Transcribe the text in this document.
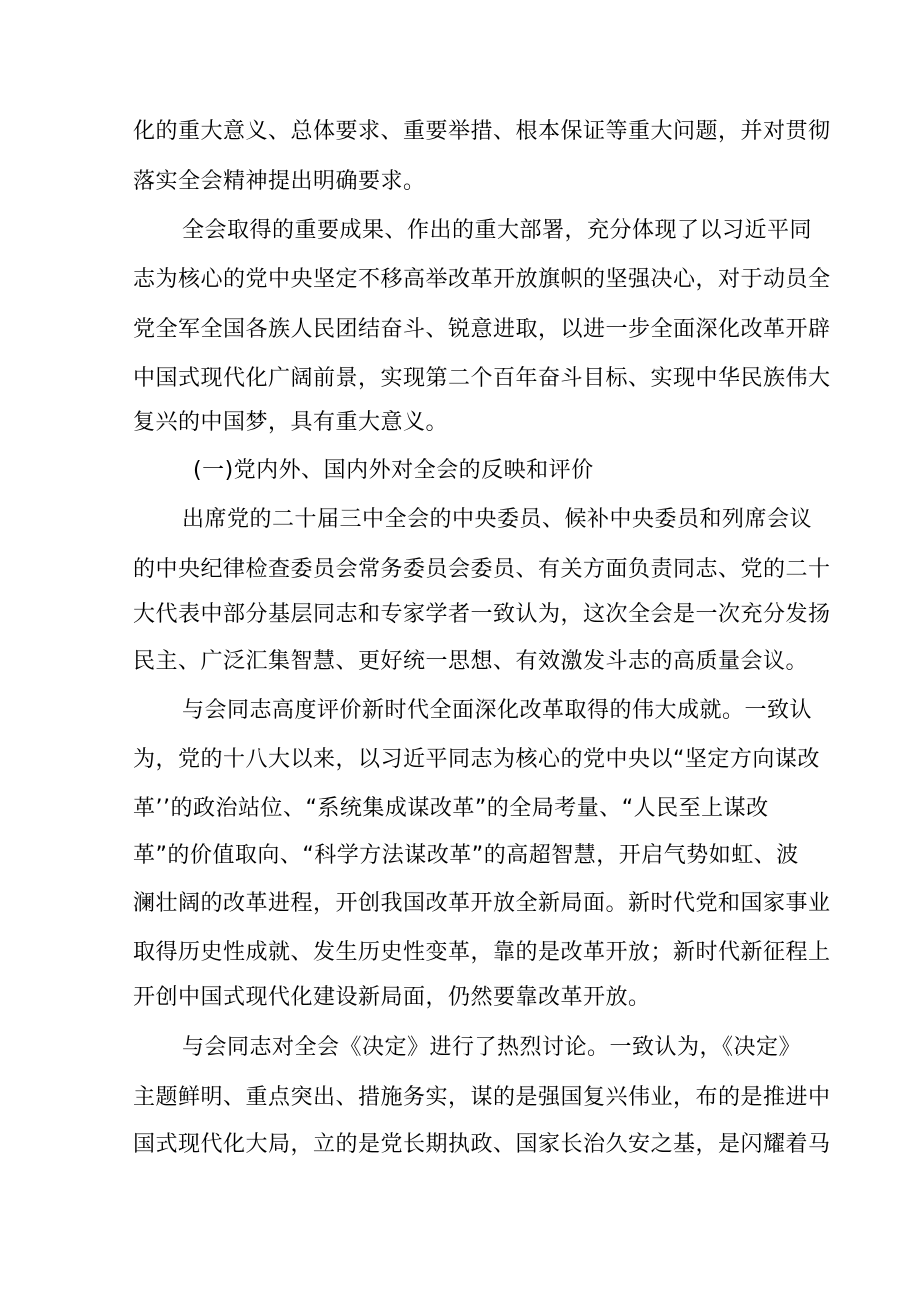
化的重大意义、总体要求、重要举措、根本保证等重大问题，并对贯彻
落实全会精神提出明确要求。
全会取得的重要成果、作出的重大部署，充分体现了以习近平同
志为核心的党中央坚定不移高举改革开放旗帜的坚强决心，对于动员全
党全军全国各族人民团结奋斗、锐意进取，以进一步全面深化改革开辟
中国式现代化广阔前景，实现第二个百年奋斗目标、实现中华民族伟大
复兴的中国梦，具有重大意义。
(一)党内外、国内外对全会的反映和评价
出席党的二十届三中全会的中央委员、候补中央委员和列席会议
的中央纪律检查委员会常务委员会委员、有关方面负责同志、党的二十
大代表中部分基层同志和专家学者一致认为，这次全会是一次充分发扬
民主、广泛汇集智慧、更好统一思想、有效激发斗志的高质量会议。
与会同志高度评价新时代全面深化改革取得的伟大成就。一致认
为，党的十八大以来，以习近平同志为核心的党中央以“坚定方向谋改
革’’的政治站位、“系统集成谋改革”的全局考量、“人民至上谋改
革”的价值取向、“科学方法谋改革”的高超智慧，开启气势如虹、波
澜壮阔的改革进程，开创我国改革开放全新局面。新时代党和国家事业
取得历史性成就、发生历史性变革，靠的是改革开放；新时代新征程上
开创中国式现代化建设新局面，仍然要靠改革开放。
与会同志对全会《决定》进行了热烈讨论。一致认为，《决定》
主题鲜明、重点突出、措施务实，谋的是强国复兴伟业，布的是推进中
国式现代化大局，立的是党长期执政、国家长治久安之基，是闪耀着马
